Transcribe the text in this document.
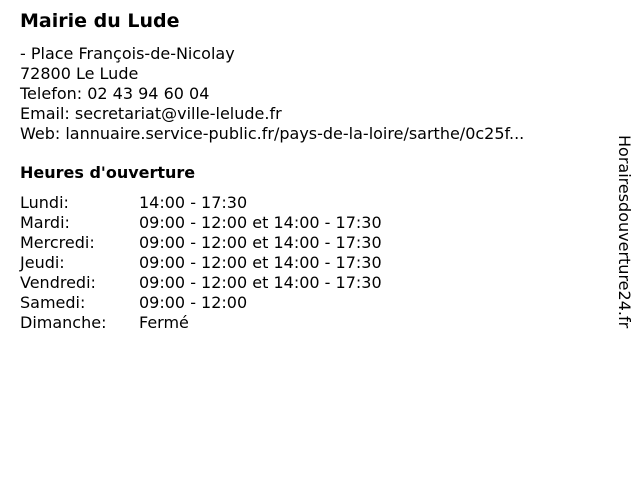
Mairie du Lude
- Place François-de-Nicolay
72800 Le Lude
Telefon: 02 43 94 60 04
Email: secretariat@ville-lelude.fr
Web: lannuaire.service-public.fr/pays-de-la-loire/sarthe/0c25f...
Heures d'ouverture
Lundi:	14:00 - 17:30
Mardi:	09:00 - 12:00 et 14:00 - 17:30
Mercredi:	09:00 - 12:00 et 14:00 - 17:30
Jeudi:	09:00 - 12:00 et 14:00 - 17:30
Vendredi:	09:00 - 12:00 et 14:00 - 17:30
Samedi:	09:00 - 12:00
Dimanche:	Fermé	Horairesdouverture24.fr
